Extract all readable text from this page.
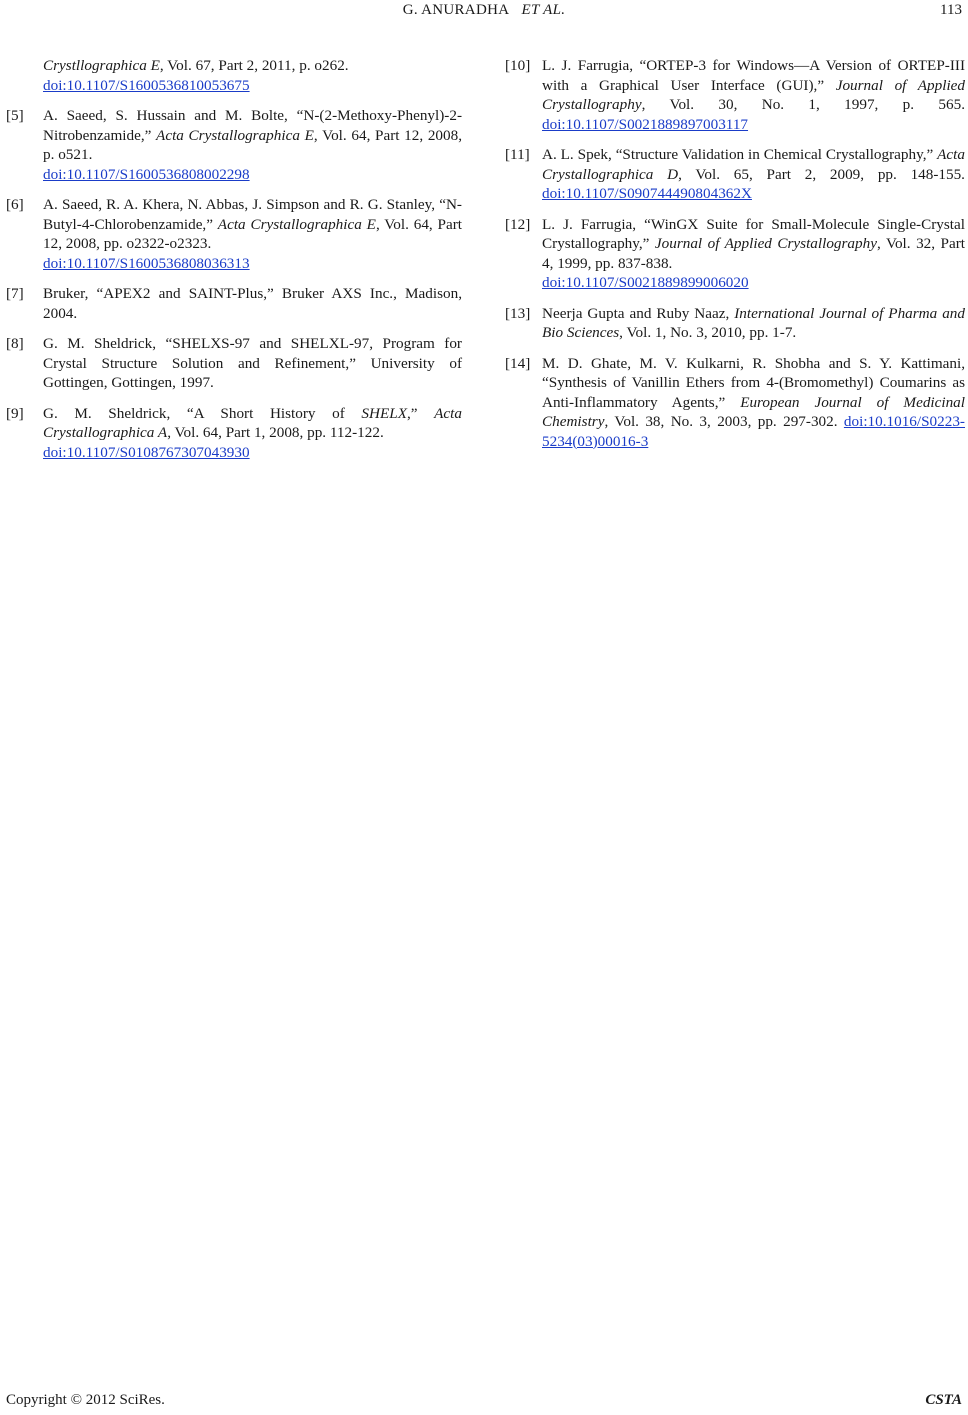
G. ANURADHA ET AL.	113
Crystllographica E, Vol. 67, Part 2, 2011, p. o262.
doi:10.1107/S1600536810053675
[5] A. Saeed, S. Hussain and M. Bolte, “N-(2-Methoxy-Phenyl)-2-Nitrobenzamide,” Acta Crystallographica E, Vol. 64, Part 12, 2008, p. o521.
doi:10.1107/S1600536808002298
[6] A. Saeed, R. A. Khera, N. Abbas, J. Simpson and R. G. Stanley, “N-Butyl-4-Chlorobenzamide,” Acta Crystallographica E, Vol. 64, Part 12, 2008, pp. o2322-o2323.
doi:10.1107/S1600536808036313
[7] Bruker, “APEX2 and SAINT-Plus,” Bruker AXS Inc., Madison, 2004.
[8] G. M. Sheldrick, “SHELXS-97 and SHELXL-97, Program for Crystal Structure Solution and Refinement,” University of Gottingen, Gottingen, 1997.
[9] G. M. Sheldrick, “A Short History of SHELX,” Acta Crystallographica A, Vol. 64, Part 1, 2008, pp. 112-122.
doi:10.1107/S0108767307043930
[10] L. J. Farrugia, “ORTEP-3 for Windows—A Version of ORTEP-III with a Graphical User Interface (GUI),” Journal of Applied Crystallography, Vol. 30, No. 1, 1997, p. 565. doi:10.1107/S0021889897003117
[11] A. L. Spek, “Structure Validation in Chemical Crystallography,” Acta Crystallographica D, Vol. 65, Part 2, 2009, pp. 148-155. doi:10.1107/S090744490804362X
[12] L. J. Farrugia, “WinGX Suite for Small-Molecule Single-Crystal Crystallography,” Journal of Applied Crystallography, Vol. 32, Part 4, 1999, pp. 837-838.
doi:10.1107/S0021889899006020
[13] Neerja Gupta and Ruby Naaz, International Journal of Pharma and Bio Sciences, Vol. 1, No. 3, 2010, pp. 1-7.
[14] M. D. Ghate, M. V. Kulkarni, R. Shobha and S. Y. Kattimani, “Synthesis of Vanillin Ethers from 4-(Bromomethyl) Coumarins as Anti-Inflammatory Agents,” European Journal of Medicinal Chemistry, Vol. 38, No. 3, 2003, pp. 297-302. doi:10.1016/S0223-5234(03)00016-3
Copyright © 2012 SciRes.	CSTA
